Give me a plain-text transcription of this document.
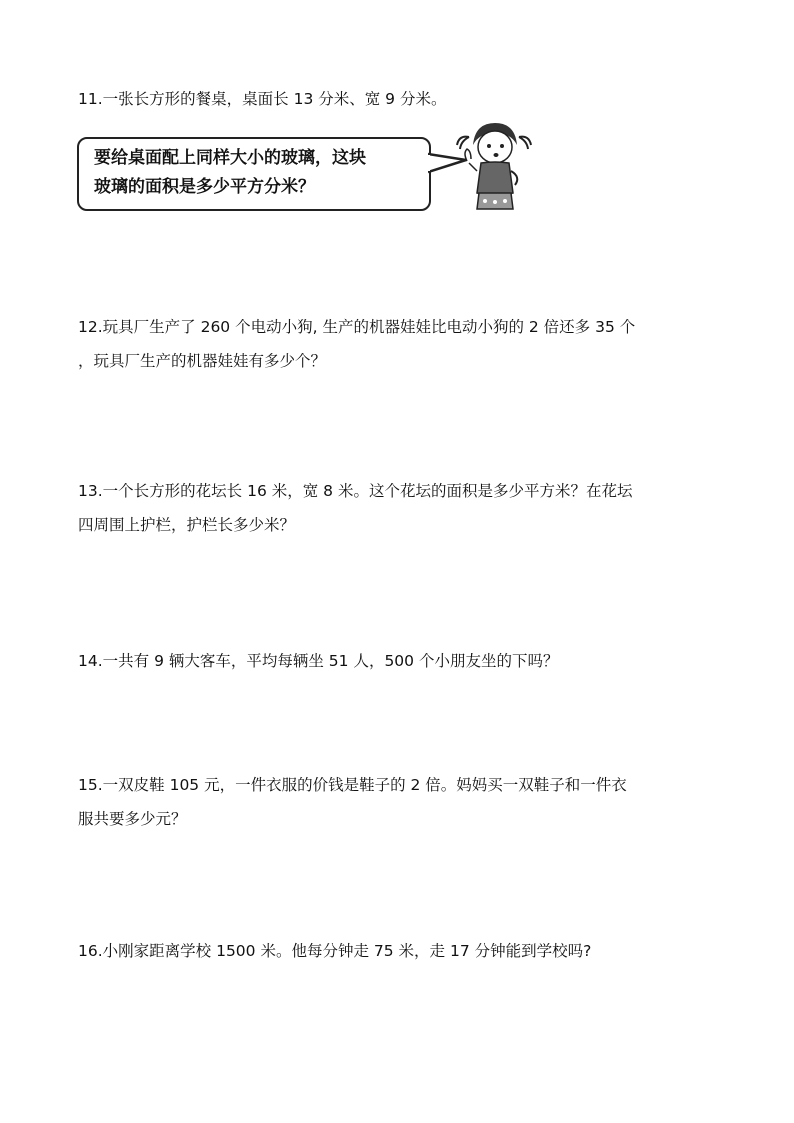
11.一张长方形的餐桌，桌面长 13 分米、宽 9 分米。

要给桌面配上同样大小的玻璃，这块
玻璃的面积是多少平方分米？

12.玩具厂生产了 260 个电动小狗, 生产的机器娃娃比电动小狗的 2 倍还多 35 个
，玩具厂生产的机器娃娃有多少个？

13.一个长方形的花坛长 16 米，宽 8 米。这个花坛的面积是多少平方米？在花坛
四周围上护栏，护栏长多少米？

14.一共有 9 辆大客车，平均每辆坐 51 人，500 个小朋友坐的下吗？

15.一双皮鞋 105 元，一件衣服的价钱是鞋子的 2 倍。妈妈买一双鞋子和一件衣
服共要多少元？

16.小刚家距离学校 1500 米。他每分钟走 75 米，走 17 分钟能到学校吗?
